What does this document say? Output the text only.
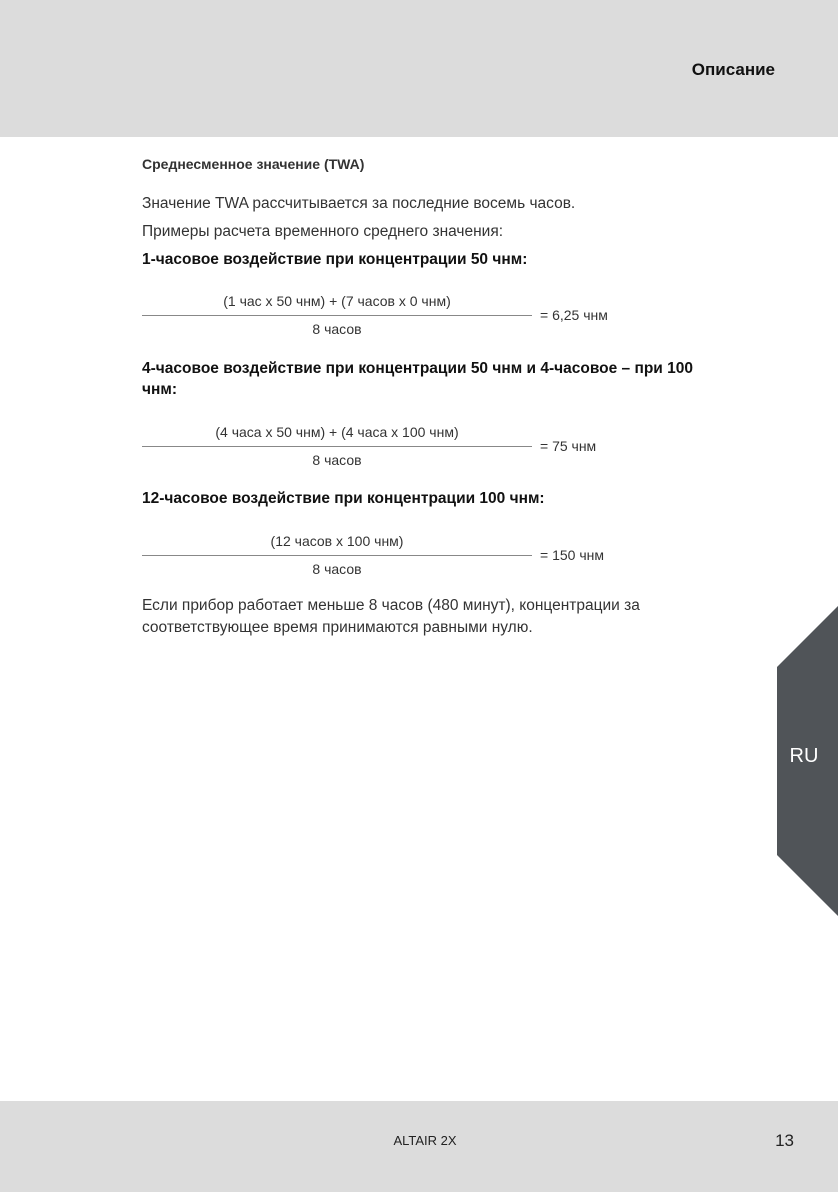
Описание
Среднесменное значение (TWA)
Значение TWA рассчитывается за последние восемь часов.
Примеры расчета временного среднего значения:
1-часовое воздействие при концентрации 50 чнм:
(1 час x 50 чнм) + (7 часов x 0 чнм)
8 часов
= 6,25 чнм
4-часовое воздействие при концентрации 50 чнм и 4-часовое – при 100 чнм:
(4 часа x 50 чнм) + (4 часа x 100 чнм)
8 часов
= 75 чнм
12-часовое воздействие при концентрации 100 чнм:
(12 часов x 100 чнм)
8 часов
= 150 чнм
Если прибор работает меньше 8 часов (480 минут), концентрации за
соответствующее время принимаются равными нулю.
RU
ALTAIR 2X	13
